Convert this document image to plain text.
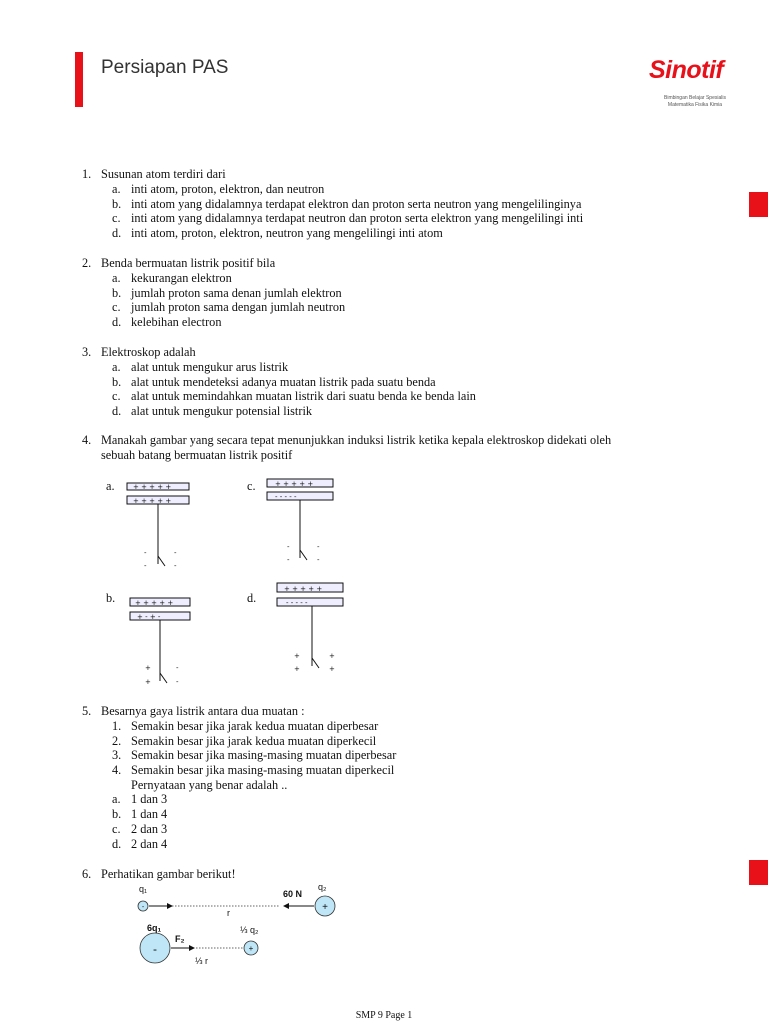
Persiapan PAS	Sinotif
Bimbingan Belajar Spesialis
Matematika Fisika Kimia
1. Susunan atom terdiri dari
a. inti atom, proton, elektron, dan neutron
b. inti atom yang didalamnya terdapat elektron dan proton serta neutron yang mengelilinginya
c. inti atom yang didalamnya terdapat neutron dan proton serta elektron yang mengelilingi inti
d. inti atom, proton, elektron, neutron yang mengelilingi inti atom
2. Benda bermuatan listrik positif bila
a. kekurangan elektron
b. jumlah proton sama denan jumlah elektron
c. jumlah proton sama dengan jumlah neutron
d. kelebihan electron
3. Elektroskop adalah
a. alat untuk mengukur arus listrik
b. alat untuk mendeteksi adanya muatan listrik pada suatu benda
c. alat untuk memindahkan muatan listrik dari suatu benda ke benda lain
d. alat untuk mengukur potensial listrik
4. Manakah gambar yang secara tepat menunjukkan induksi listrik ketika kepala elektroskop didekati oleh sebuah batang bermuatan listrik positif
a.	c.
b.	d.
+ + + + +
+ + + + +
-
-
-
-
+ + + + +
- - - - -
-
-
-
-
+ + + + +
+ - + -
+
+
-
-
+ + + + +
- - - - -
+
+
+
+
5. Besarnya gaya listrik antara dua muatan :
1. Semakin besar jika jarak kedua muatan diperbesar
2. Semakin besar jika jarak kedua muatan diperkecil
3. Semakin besar jika masing-masing muatan diperbesar
4. Semakin besar jika masing-masing muatan diperkecil
Pernyataan yang benar adalah ..
a. 1 dan 3
b. 1 dan 4
c. 2 dan 3
d. 2 dan 4
6. Perhatikan gambar berikut!
q₁
-
r
60 N
q₂
+
6q₁
-
F₂
⅓ r
⅓ q₂
+
SMP 9 Page 1
